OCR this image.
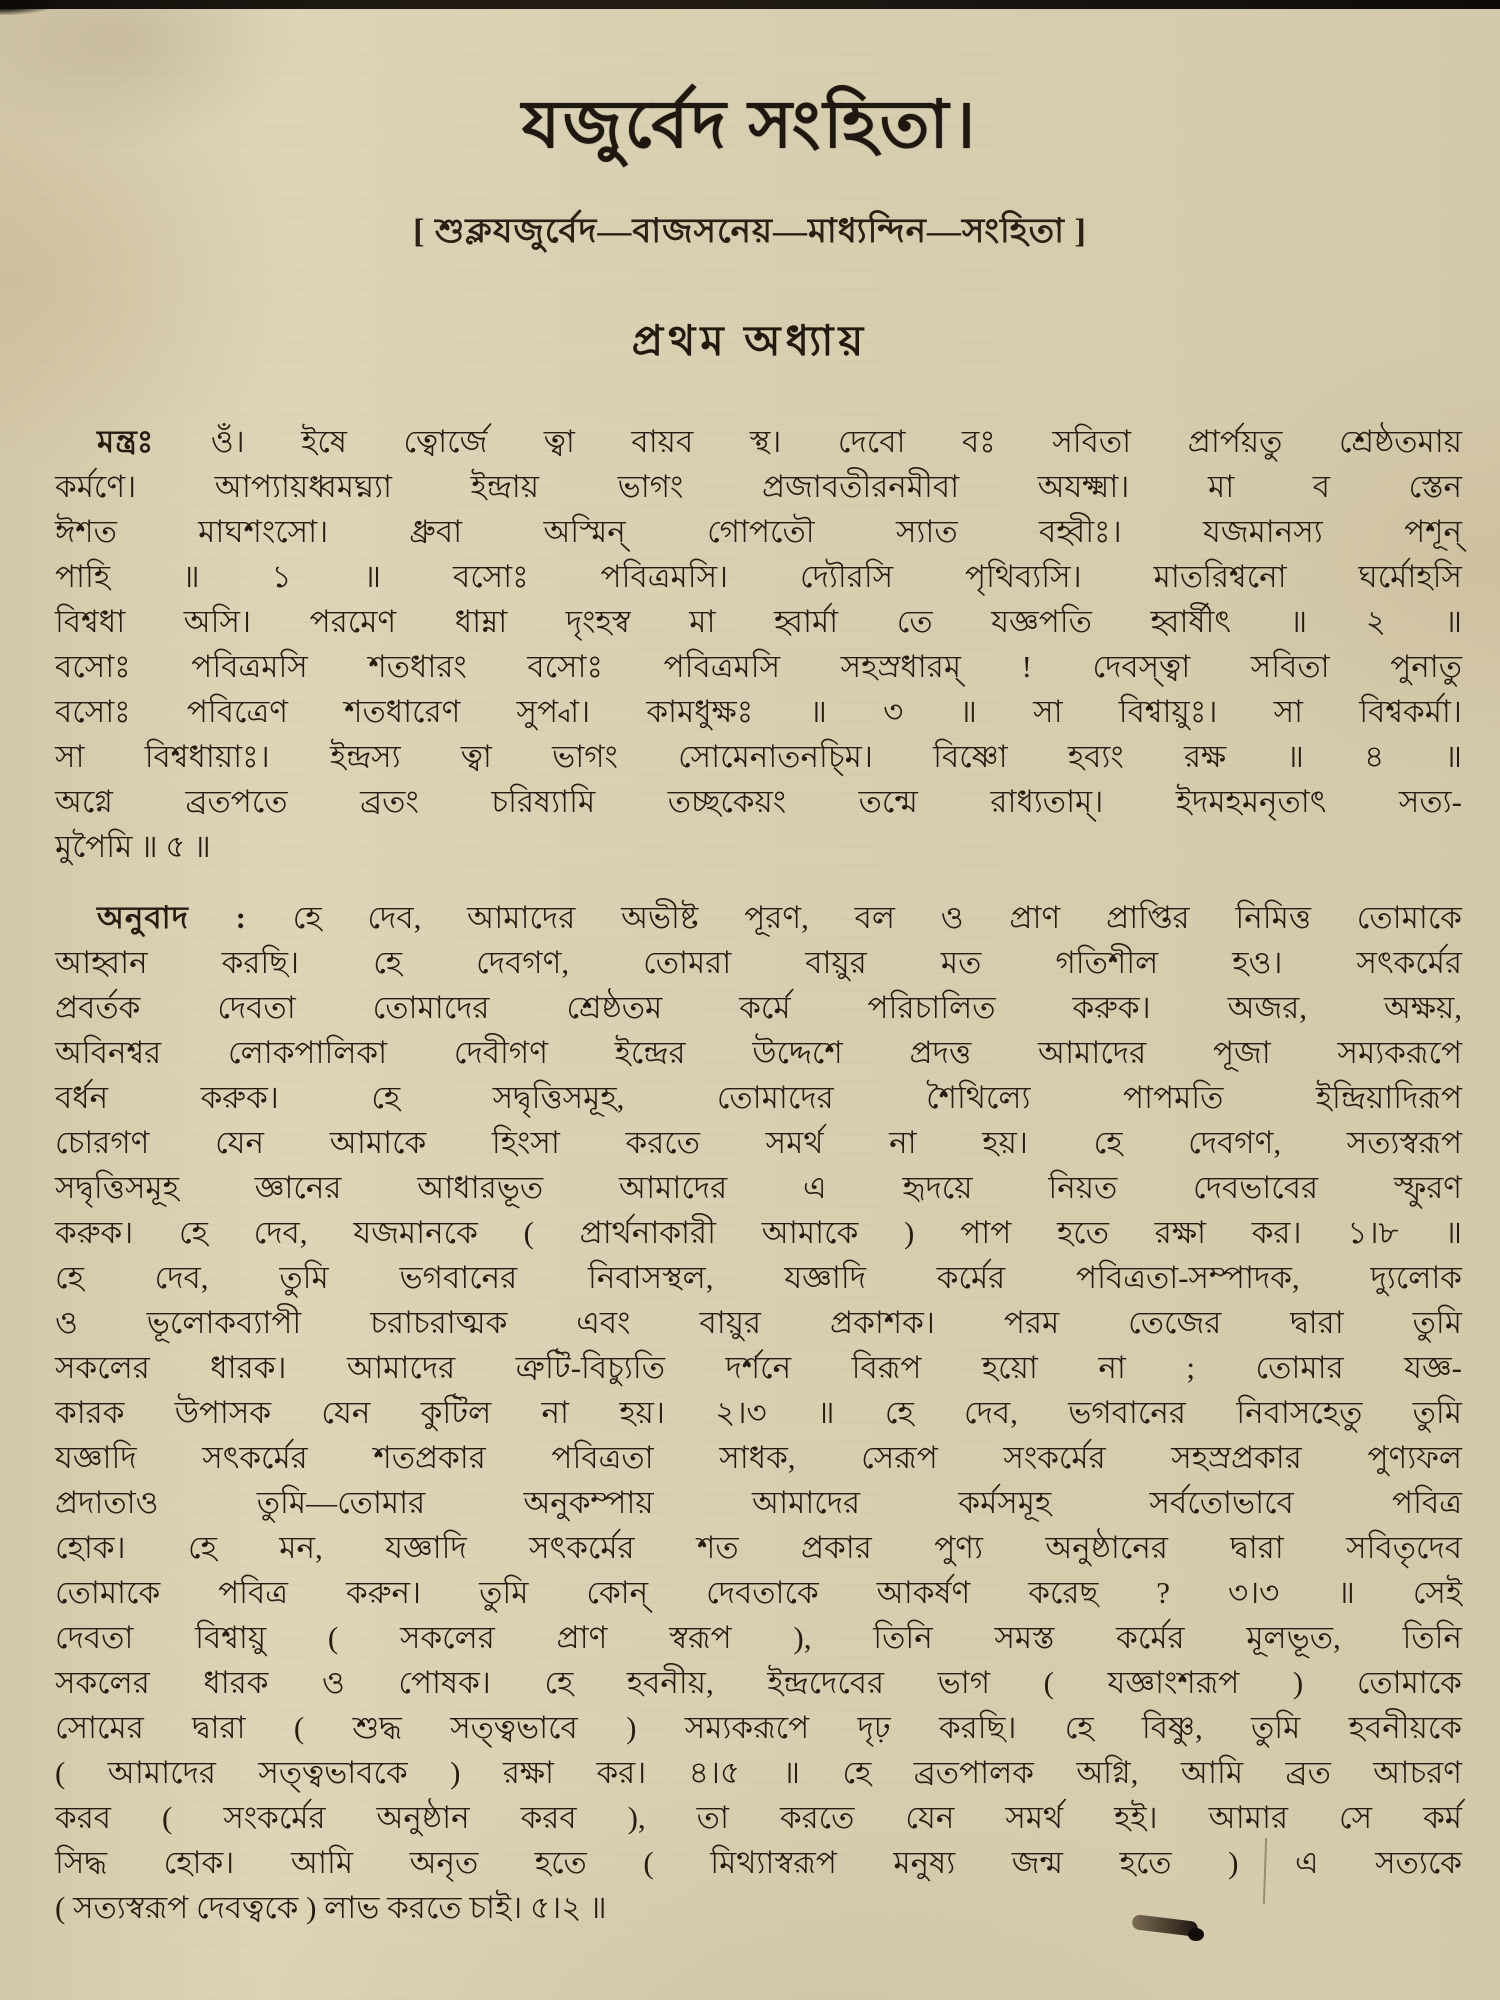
যজুর্বেদ সংহিতা।
[ শুক্লযজুর্বেদ—বাজসনেয়—মাধ্যন্দিন—সংহিতা ]
প্রথম অধ্যায়
মন্ত্রঃ ওঁ। ইষে ত্বোর্জে ত্বা বায়ব স্থ। দেবো বঃ সবিতা প্রার্পয়তু শ্রেষ্ঠতমায়
কর্মণে। আপ্যায়ধ্বমঘ্ন্যা ইন্দ্রায় ভাগং প্রজাবতীরনমীবা অযক্ষ্মা। মা ব স্তেন
ঈশত মাঘশংসো। ধ্রুবা অস্মিন্ গোপতৌ স্যাত বহ্বীঃ। যজমানস্য পশূন্
পাহি ॥ ১ ॥ বসোঃ পবিত্রমসি। দ্যৌরসি পৃথিব্যসি। মাতরিশ্বনো ঘর্মোহসি
বিশ্বধা অসি। পরমেণ ধাম্না দৃংহস্ব মা হ্বার্মা তে যজ্ঞপতি হ্বার্ষীৎ ॥ ২ ॥
বসোঃ পবিত্রমসি শতধারং বসোঃ পবিত্রমসি সহস্রধারম্ ! দেবস্ত্বা সবিতা পুনাতু
বসোঃ পবিত্রেণ শতধারেণ সুপ্বা। কামধুক্ষঃ ॥ ৩ ॥ সা বিশ্বায়ুঃ। সা বিশ্বকর্মা।
সা বিশ্বধায়াঃ। ইন্দ্রস্য ত্বা ভাগং সোমেনাতনচ্মি। বিষ্ণো হব্যং রক্ষ ॥ ৪ ॥
অগ্নে ব্রতপতে ব্রতং চরিষ্যামি তচ্ছকেয়ং তন্মে রাধ্যতাম্। ইদমহমনৃতাৎ সত্য-
মুপৈমি ॥ ৫ ॥
অনুবাদ : হে দেব, আমাদের অভীষ্ট পূরণ, বল ও প্রাণ প্রাপ্তির নিমিত্ত তোমাকে
আহ্বান করছি। হে দেবগণ, তোমরা বায়ুর মত গতিশীল হও। সৎকর্মের
প্রবর্তক দেবতা তোমাদের শ্রেষ্ঠতম কর্মে পরিচালিত করুক। অজর, অক্ষয়,
অবিনশ্বর লোকপালিকা দেবীগণ ইন্দ্রের উদ্দেশে প্রদত্ত আমাদের পূজা সম্যকরূপে
বর্ধন করুক। হে সদ্বৃত্তিসমূহ, তোমাদের শৈথিল্যে পাপমতি ইন্দ্রিয়াদিরূপ
চোরগণ যেন আমাকে হিংসা করতে সমর্থ না হয়। হে দেবগণ, সত্যস্বরূপ
সদ্বৃত্তিসমূহ জ্ঞানের আধারভূত আমাদের এ হৃদয়ে নিয়ত দেবভাবের স্ফুরণ
করুক। হে দেব, যজমানকে ( প্রার্থনাকারী আমাকে ) পাপ হতে রক্ষা কর। ১।৮ ॥
হে দেব, তুমি ভগবানের নিবাসস্থল, যজ্ঞাদি কর্মের পবিত্রতা-সম্পাদক, দ্যুলোক
ও ভূলোকব্যাপী চরাচরাত্মক এবং বায়ুর প্রকাশক। পরম তেজের দ্বারা তুমি
সকলের ধারক। আমাদের ত্রুটি-বিচ্যুতি দর্শনে বিরূপ হয়ো না ; তোমার যজ্ঞ-
কারক উপাসক যেন কুটিল না হয়। ২।৩ ॥ হে দেব, ভগবানের নিবাসহেতু তুমি
যজ্ঞাদি সৎকর্মের শতপ্রকার পবিত্রতা সাধক, সেরূপ সংকর্মের সহস্রপ্রকার পুণ্যফল
প্রদাতাও তুমি—তোমার অনুকম্পায় আমাদের কর্মসমূহ সর্বতোভাবে পবিত্র
হোক। হে মন, যজ্ঞাদি সৎকর্মের শত প্রকার পুণ্য অনুষ্ঠানের দ্বারা সবিতৃদেব
তোমাকে পবিত্র করুন। তুমি কোন্ দেবতাকে আকর্ষণ করেছ ? ৩।৩ ॥ সেই
দেবতা বিশ্বায়ু ( সকলের প্রাণ স্বরূপ ), তিনি সমস্ত কর্মের মূলভূত, তিনি
সকলের ধারক ও পোষক। হে হবনীয়, ইন্দ্রদেবের ভাগ ( যজ্ঞাংশরূপ ) তোমাকে
সোমের দ্বারা ( শুদ্ধ সত্ত্বভাবে ) সম্যকরূপে দৃঢ় করছি। হে বিষ্ণু, তুমি হবনীয়কে
( আমাদের সত্ত্বভাবকে ) রক্ষা কর। ৪।৫ ॥ হে ব্রতপালক অগ্নি, আমি ব্রত আচরণ
করব ( সংকর্মের অনুষ্ঠান করব ), তা করতে যেন সমর্থ হই। আমার সে কর্ম
সিদ্ধ হোক। আমি অনৃত হতে ( মিথ্যাস্বরূপ মনুষ্য জন্ম হতে ) এ সত্যকে
( সত্যস্বরূপ দেবত্বকে ) লাভ করতে চাই। ৫।২ ॥
